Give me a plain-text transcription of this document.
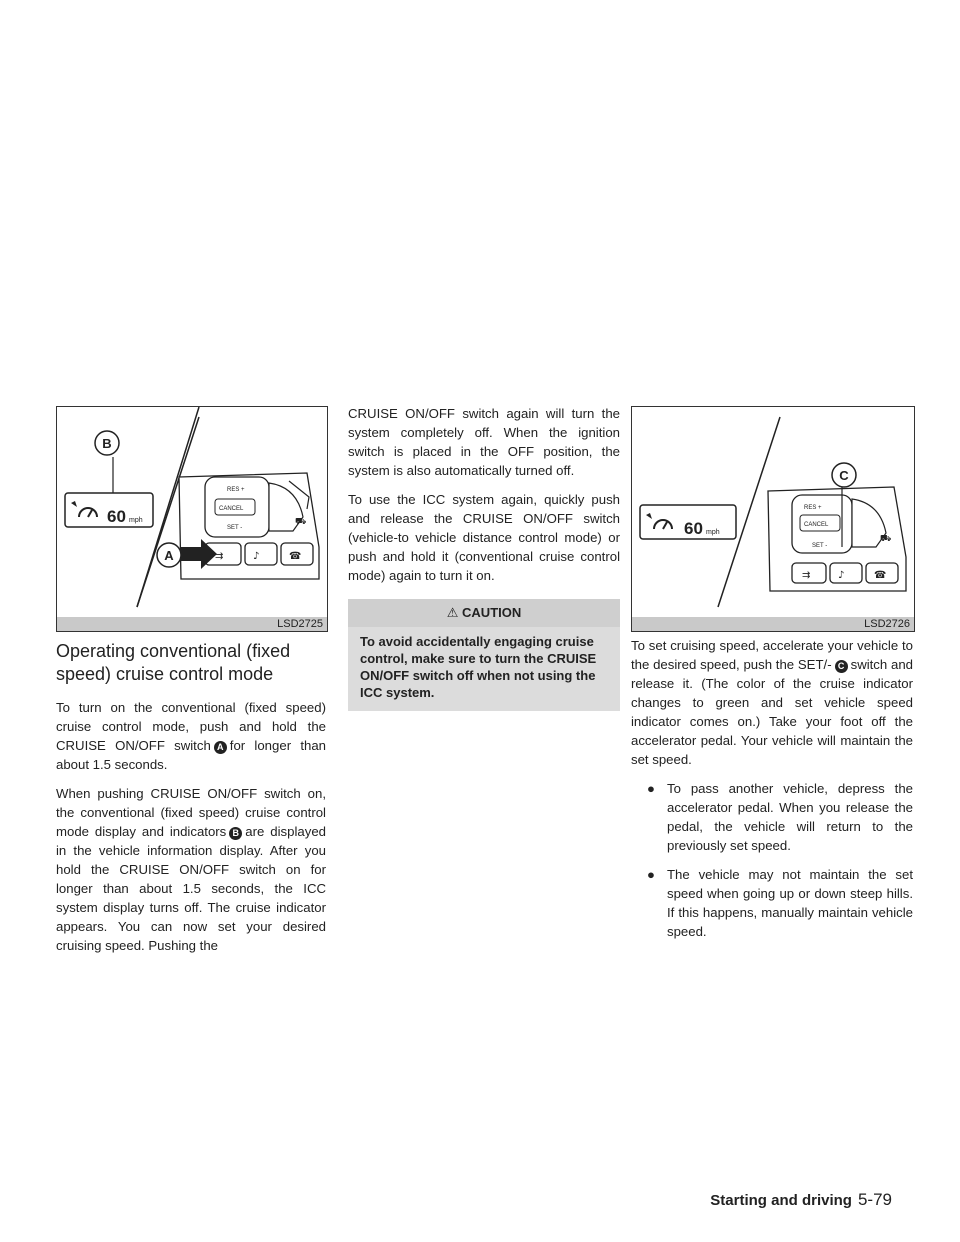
60 mph
B
RES +
CANCEL
SET -
⛟
⇉	♪	☎
A
LSD2725
60 mph
RES +
CANCEL
SET -
⛟
⇉	♪	☎
C
LSD2726
Operating conventional (fixed speed) cruise control mode

To turn on the conventional (fixed speed) cruise control mode, push and hold the CRUISE ON/OFF switch A for longer than about 1.5 seconds.

When pushing CRUISE ON/OFF switch on, the conventional (fixed speed) cruise control mode display and indicators B are displayed in the vehicle information display. After you hold the CRUISE ON/OFF switch on for longer than about 1.5 seconds, the ICC system display turns off. The cruise indicator appears. You can now set your desired cruising speed. Pushing the

CRUISE ON/OFF switch again will turn the system completely off. When the ignition switch is placed in the OFF position, the system is also automatically turned off.

To use the ICC system again, quickly push and release the CRUISE ON/OFF switch (vehicle-to vehicle distance control mode) or push and hold it (conventional cruise control mode) again to turn it on.

⚠ CAUTION
To avoid accidentally engaging cruise control, make sure to turn the CRUISE ON/OFF switch off when not using the ICC system.

To set cruising speed, accelerate your vehicle to the desired speed, push the SET/- C switch and release it. (The color of the cruise indicator changes to green and set vehicle speed indicator comes on.) Take your foot off the accelerator pedal. Your vehicle will maintain the set speed.

● To pass another vehicle, depress the accelerator pedal. When you release the pedal, the vehicle will return to the previously set speed.
● The vehicle may not maintain the set speed when going up or down steep hills. If this happens, manually maintain vehicle speed.
Starting and driving 5-79
